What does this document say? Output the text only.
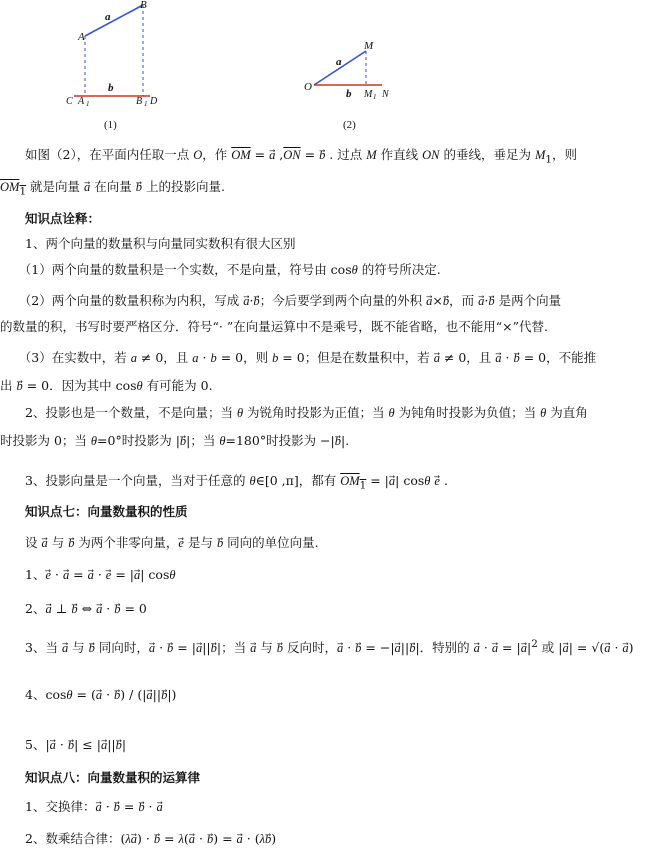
A
B
a
b
C A 1	B 1 D
(1)
O
M
a
b M 1 N
(2)
　　如图（2），在平面内任取一点 O，作 $\overline{OM}$ = a⃗ $,\overline{ON}$ = b⃗ . 过点 M 作直线 ON 的垂线，垂足为 $M_1$，则
$OM_1$ 就是向量 a⃗ 在向量 b⃗ 上的投影向量.
　　知识点诠释：
　　1、两个向量的数量积与向量同实数积有很大区别
　　（1）两个向量的数量积是一个实数，不是向量，符号由 cosθ 的符号所决定.
　　（2）两个向量的数量积称为内积，写成 a⃗·b⃗；今后要学到两个向量的外积 a⃗×b⃗，而 a⃗·b⃗ 是两个向量
的数量的积，书写时要严格区分．符号“· ”在向量运算中不是乘号，既不能省略，也不能用“×”代替.
　　（3）在实数中，若 a ≠ 0，且 a · b = 0，则 b = 0；但是在数量积中，若 a⃗ ≠ 0，且 a⃗ · b⃗ = 0，不能推
出 b⃗ = 0．因为其中 cosθ 有可能为 0.
　　2、投影也是一个数量，不是向量；当 θ 为锐角时投影为正值；当 θ 为钝角时投影为负值；当 θ 为直角
时投影为 0；当 θ=0°时投影为 |b⃗|；当 θ=180°时投影为 −|b⃗|.
　　3、投影向量是一个向量，当对于任意的 θ∈[0 ,π]，都有 $OM_1$ = |a⃗| cosθ e⃗ .
　　知识点七：向量数量积的性质
　　设 a⃗ 与 b⃗ 为两个非零向量，e⃗ 是与 b⃗ 同向的单位向量.
　　1、e⃗ · a⃗ = a⃗ · e⃗ = |a⃗| cosθ
　　2、a⃗ ⊥ b⃗ ⇔ a⃗ · b⃗ = 0
　　3、当 a⃗ 与 b⃗ 同向时，a⃗ · b⃗ = |a⃗||b⃗|；当 a⃗ 与 b⃗ 反向时，a⃗ · b⃗ = −|a⃗||b⃗|．特别的 a⃗ · a⃗ = $|a⃗|^2$ 或 |a⃗| = √(a⃗ · a⃗)
　　4、cosθ = (a⃗ · b⃗) / (|a⃗||b⃗|)
　　5、|a⃗ · b⃗| ≤ |a⃗||b⃗|
　　知识点八：向量数量积的运算律
　　1、交换律：a⃗ · b⃗ = b⃗ · a
　　2、数乘结合律：(λa⃗) · b⃗ = λ(a⃗ · b⃗) = a⃗ · (λb⃗)
